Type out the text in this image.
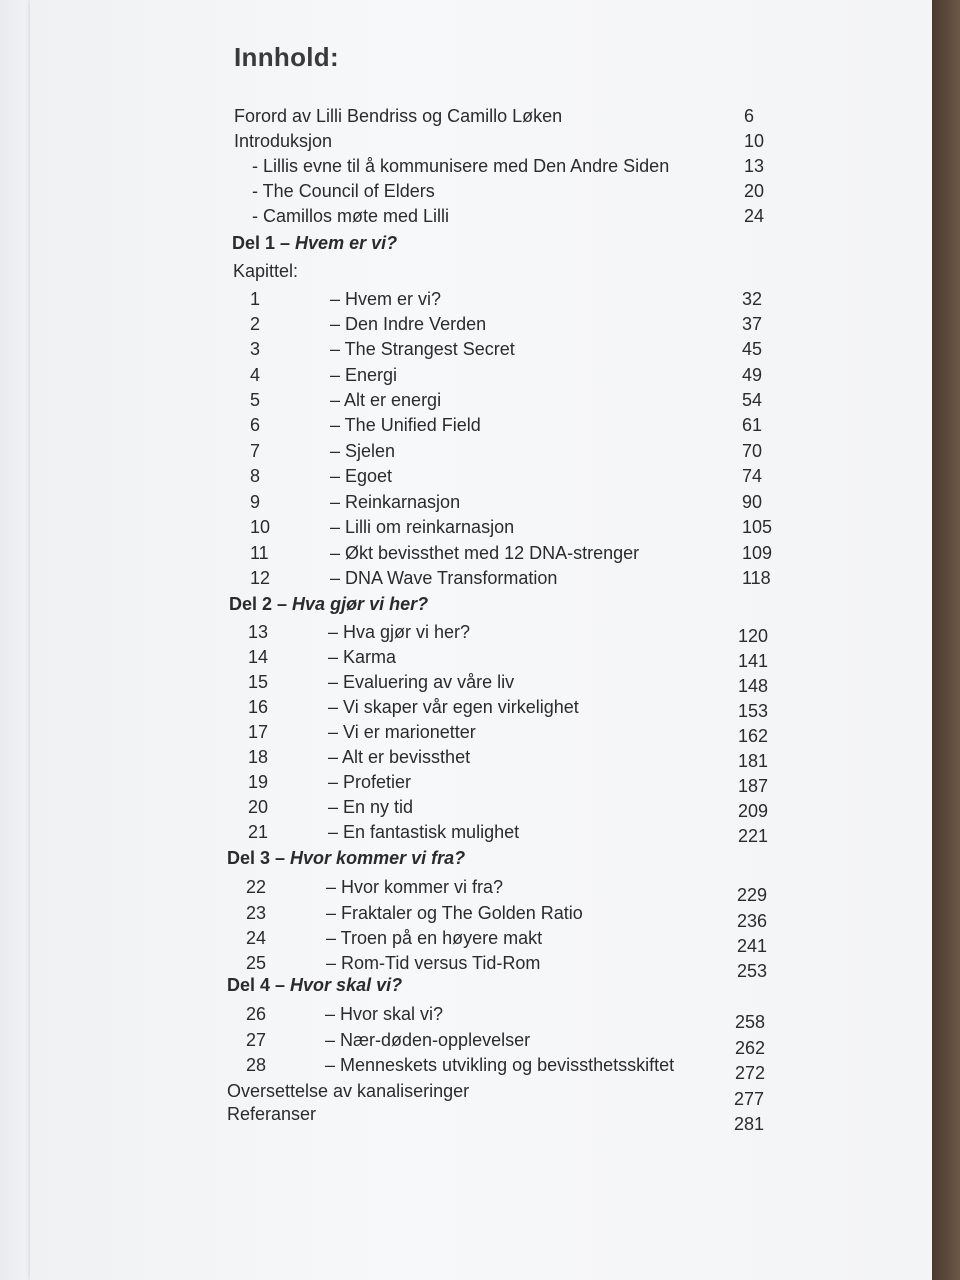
Innhold:
Forord av Lilli Bendriss og Camillo Løken	6
Introduksjon	10
- Lillis evne til å kommunisere med Den Andre Siden	13
- The Council of Elders	20
- Camillos møte med Lilli	24
Kapittel:
Del 1 – Hvem er vi?
1	– Hvem er vi?	32
2	– Den Indre Verden	37
3	– The Strangest Secret	45
4	– Energi	49
5	– Alt er energi	54
6	– The Unified Field	61
7	– Sjelen	70
8	– Egoet	74
9	– Reinkarnasjon	90
10	– Lilli om reinkarnasjon	105
11	– Økt bevissthet med 12 DNA-strenger	109
12	– DNA Wave Transformation	118
Del 2 – Hva gjør vi her?
13	– Hva gjør vi her?	120
14	– Karma	141
15	– Evaluering av våre liv	148
16	– Vi skaper vår egen virkelighet	153
17	– Vi er marionetter	162
18	– Alt er bevissthet	181
19	– Profetier	187
20	– En ny tid	209
21	– En fantastisk mulighet	221
Del 3 – Hvor kommer vi fra?
22	– Hvor kommer vi fra?	229
23	– Fraktaler og The Golden Ratio	236
24	– Troen på en høyere makt	241
25	– Rom-Tid versus Tid-Rom	253
Del 4 – Hvor skal vi?
26	– Hvor skal vi?	258
27	– Nær-døden-opplevelser	262
28	– Menneskets utvikling og bevissthetsskiftet	272
Oversettelse av kanaliseringer	277
Referanser	281
